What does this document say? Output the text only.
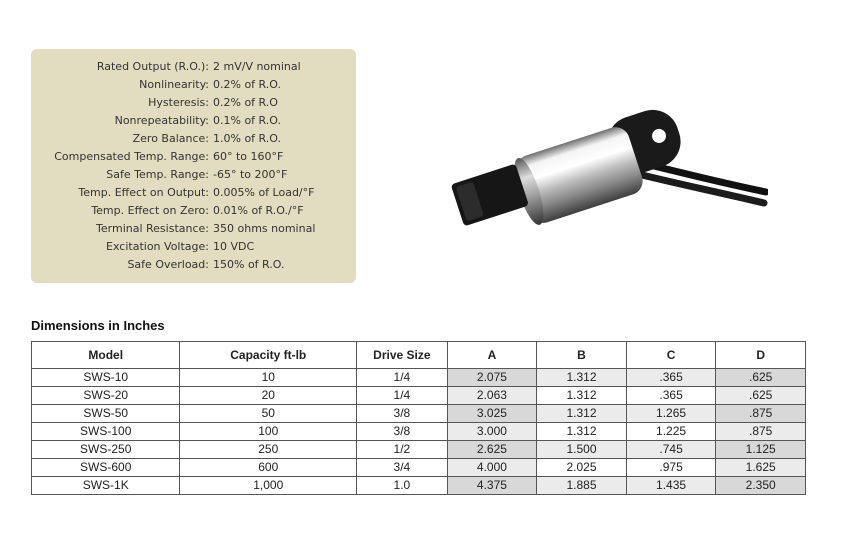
Rated Output (R.O.):	2 mV/V nominal
Nonlinearity:	0.2% of R.O.
Hysteresis:	0.2% of R.O
Nonrepeatability:	0.1% of R.O.
Zero Balance:	1.0% of R.O.
Compensated Temp. Range:	60° to 160°F
Safe Temp. Range:	-65° to 200°F
Temp. Effect on Output:	0.005% of Load/°F
Temp. Effect on Zero:	0.01% of R.O./°F
Terminal Resistance:	350 ohms nominal
Excitation Voltage:	10 VDC
Safe Overload:	150% of R.O.
Dimensions in Inches
Model	Capacity ft-lb	Drive Size	A	B	C	D
SWS-10	10	1/4	2.075	1.312	.365	.625
SWS-20	20	1/4	2.063	1.312	.365	.625
SWS-50	50	3/8	3.025	1.312	1.265	.875
SWS-100	100	3/8	3.000	1.312	1.225	.875
SWS-250	250	1/2	2.625	1.500	.745	1.125
SWS-600	600	3/4	4.000	2.025	.975	1.625
SWS-1K	1,000	1.0	4.375	1.885	1.435	2.350
